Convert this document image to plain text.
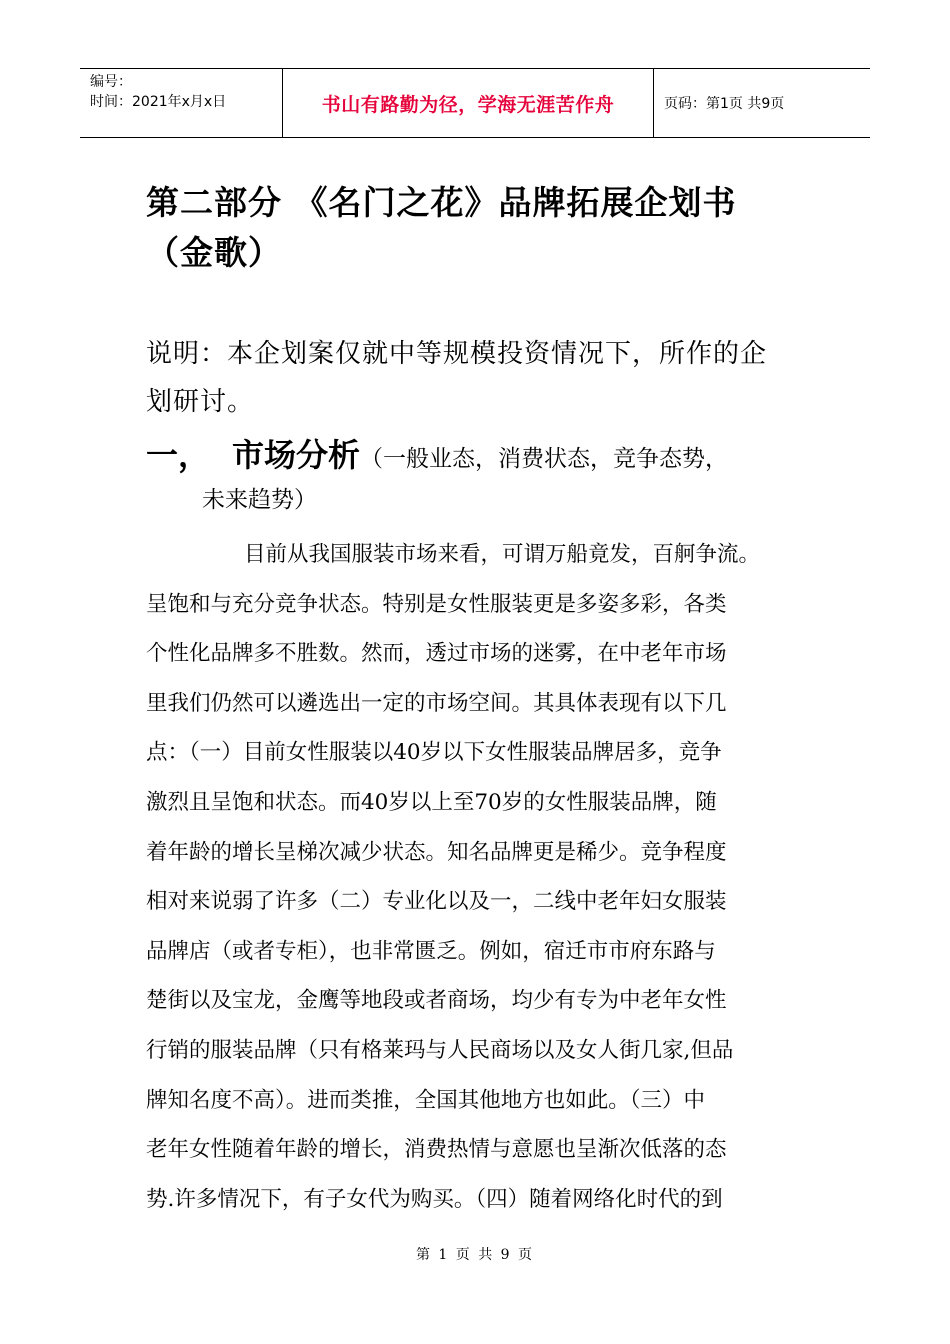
编号：
时间：2021年x月x日	书山有路勤为径，学海无涯苦作舟	页码：第1页 共9页
第二部分 《名门之花》品牌拓展企划书
（金歌）
说明：本企划案仅就中等规模投资情况下，所作的企
划研讨。
一， 市场分析（一般业态，消费状态，竞争态势，
未来趋势）
目前从我国服装市场来看，可谓万船竟发，百舸争流。
呈饱和与充分竞争状态。特别是女性服装更是多姿多彩，各类
个性化品牌多不胜数。然而，透过市场的迷雾，在中老年市场
里我们仍然可以遴选出一定的市场空间。其具体表现有以下几
点：（一）目前女性服装以40岁以下女性服装品牌居多，竞争
激烈且呈饱和状态。而40岁以上至70岁的女性服装品牌，随
着年龄的增长呈梯次减少状态。知名品牌更是稀少。竞争程度
相对来说弱了许多（二）专业化以及一，二线中老年妇女服装
品牌店（或者专柜），也非常匮乏。例如，宿迁市市府东路与
楚街以及宝龙，金鹰等地段或者商场，均少有专为中老年女性
行销的服装品牌（只有格莱玛与人民商场以及女人街几家,但品
牌知名度不高）。进而类推，全国其他地方也如此。（三）中
老年女性随着年龄的增长，消费热情与意愿也呈渐次低落的态
势.许多情况下，有子女代为购买。（四）随着网络化时代的到
第 1 页 共 9 页
